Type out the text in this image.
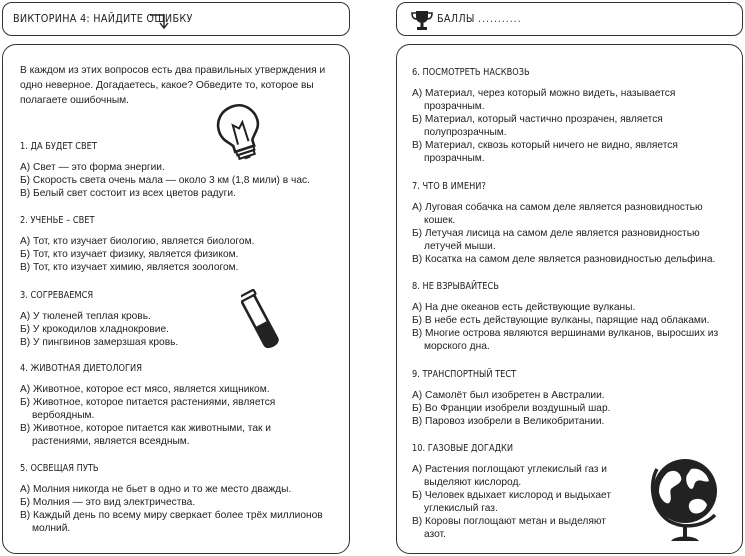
ВИКТОРИНА 4: НАЙДИТЕ ОШИБКУ	БАЛЛЫ ...........
В каждом из этих вопросов есть два правильных утверждения и одно неверное. Догадаетесь, какое? Обведите то, которое вы полагаете ошибочным.
1. ДА БУДЕТ СВЕТ
А) Свет — это форма энергии.
Б) Скорость света очень мала — около 3 км (1,8 мили) в час.
В) Белый свет состоит из всех цветов радуги.
2. УЧЕНЬЕ – СВЕТ
А) Тот, кто изучает биологию, является биологом.
Б) Тот, кто изучает физику, является физиком.
В) Тот, кто изучает химию, является зоологом.
3. СОГРЕВАЕМСЯ
А) У тюленей теплая кровь.
Б) У крокодилов хладнокровие.
В) У пингвинов замерзшая кровь.
4. ЖИВОТНАЯ ДИЕТОЛОГИЯ
А) Животное, которое ест мясо, является хищником.
Б) Животное, которое питается растениями, является вербоядным.
В) Животное, которое питается как животными, так и растениями, является всеядным.
5. ОСВЕЩАЯ ПУТЬ
А) Молния никогда не бьет в одно и то же место дважды.
Б) Молния — это вид электричества.
В) Каждый день по всему миру сверкает более трёх миллионов молний.
6. ПОСМОТРЕТЬ НАСКВОЗЬ
А) Материал, через который можно видеть, называется прозрачным.
Б) Материал, который частично прозрачен, является полупрозрачным.
В) Материал, сквозь который ничего не видно, является прозрачным.
7. ЧТО В ИМЕНИ?
А) Луговая собачка на самом деле является разновидностью кошек.
Б) Летучая лисица на самом деле является разновидностью летучей мыши.
В) Косатка на самом деле является разновидностью дельфина.
8. НЕ ВЗРЫВАЙТЕСЬ
А) На дне океанов есть действующие вулканы.
Б) В небе есть действующие вулканы, парящие над облаками.
В) Многие острова являются вершинами вулканов, выросших из морского дна.
9. ТРАНСПОРТНЫЙ ТЕСТ
А) Самолёт был изобретен в Австралии.
Б) Во Франции изобрели воздушный шар.
В) Паровоз изобрели в Великобритании.
10. ГАЗОВЫЕ ДОГАДКИ
А) Растения поглощают углекислый газ и выделяют кислород.
Б) Человек вдыхает кислород и выдыхает углекислый газ.
В) Коровы поглощают метан и выделяют азот.
